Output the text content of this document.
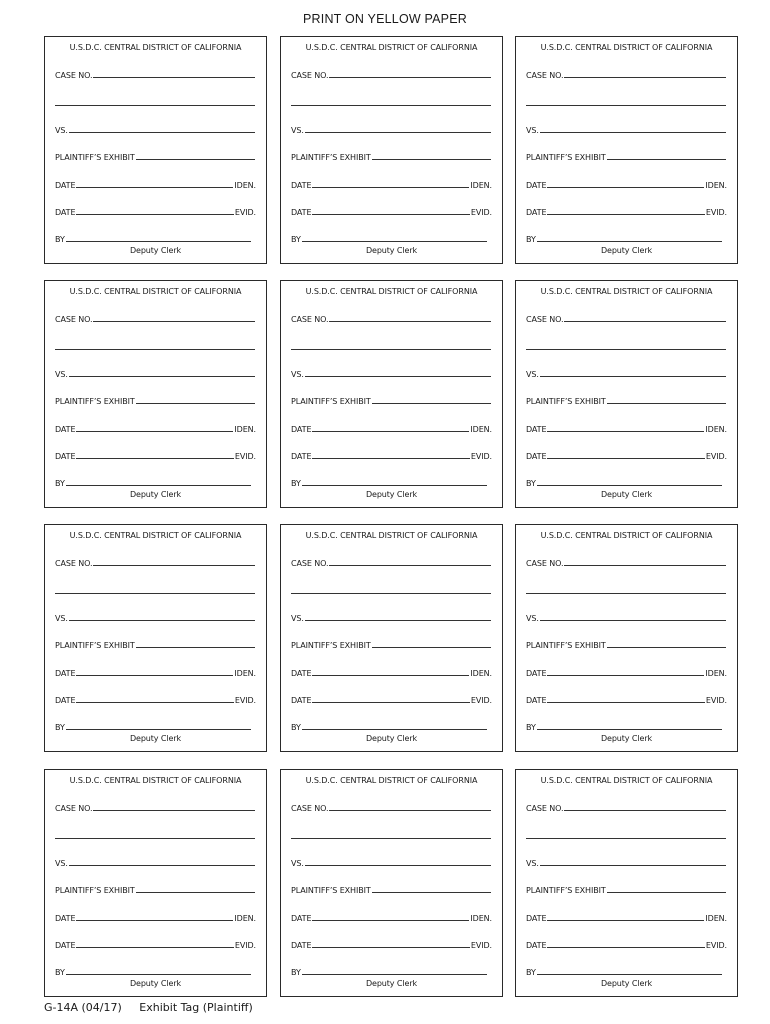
PRINT ON YELLOW PAPER
U.S.D.C. CENTRAL DISTRICT OF CALIFORNIA
CASE NO.
VS.
PLAINTIFF’S EXHIBIT
DATE	IDEN.
DATE	EVID.
BY
Deputy Clerk
U.S.D.C. CENTRAL DISTRICT OF CALIFORNIA
CASE NO.
VS.
PLAINTIFF’S EXHIBIT
DATE	IDEN.
DATE	EVID.
BY
Deputy Clerk
U.S.D.C. CENTRAL DISTRICT OF CALIFORNIA
CASE NO.
VS.
PLAINTIFF’S EXHIBIT
DATE	IDEN.
DATE	EVID.
BY
Deputy Clerk
U.S.D.C. CENTRAL DISTRICT OF CALIFORNIA
CASE NO.
VS.
PLAINTIFF’S EXHIBIT
DATE	IDEN.
DATE	EVID.
BY
Deputy Clerk
U.S.D.C. CENTRAL DISTRICT OF CALIFORNIA
CASE NO.
VS.
PLAINTIFF’S EXHIBIT
DATE	IDEN.
DATE	EVID.
BY
Deputy Clerk
U.S.D.C. CENTRAL DISTRICT OF CALIFORNIA
CASE NO.
VS.
PLAINTIFF’S EXHIBIT
DATE	IDEN.
DATE	EVID.
BY
Deputy Clerk
U.S.D.C. CENTRAL DISTRICT OF CALIFORNIA
CASE NO.
VS.
PLAINTIFF’S EXHIBIT
DATE	IDEN.
DATE	EVID.
BY
Deputy Clerk
U.S.D.C. CENTRAL DISTRICT OF CALIFORNIA
CASE NO.
VS.
PLAINTIFF’S EXHIBIT
DATE	IDEN.
DATE	EVID.
BY
Deputy Clerk
U.S.D.C. CENTRAL DISTRICT OF CALIFORNIA
CASE NO.
VS.
PLAINTIFF’S EXHIBIT
DATE	IDEN.
DATE	EVID.
BY
Deputy Clerk
U.S.D.C. CENTRAL DISTRICT OF CALIFORNIA
CASE NO.
VS.
PLAINTIFF’S EXHIBIT
DATE	IDEN.
DATE	EVID.
BY
Deputy Clerk
U.S.D.C. CENTRAL DISTRICT OF CALIFORNIA
CASE NO.
VS.
PLAINTIFF’S EXHIBIT
DATE	IDEN.
DATE	EVID.
BY
Deputy Clerk
U.S.D.C. CENTRAL DISTRICT OF CALIFORNIA
CASE NO.
VS.
PLAINTIFF’S EXHIBIT
DATE	IDEN.
DATE	EVID.
BY
Deputy Clerk
G-14A (04/17) Exhibit Tag (Plaintiff)
